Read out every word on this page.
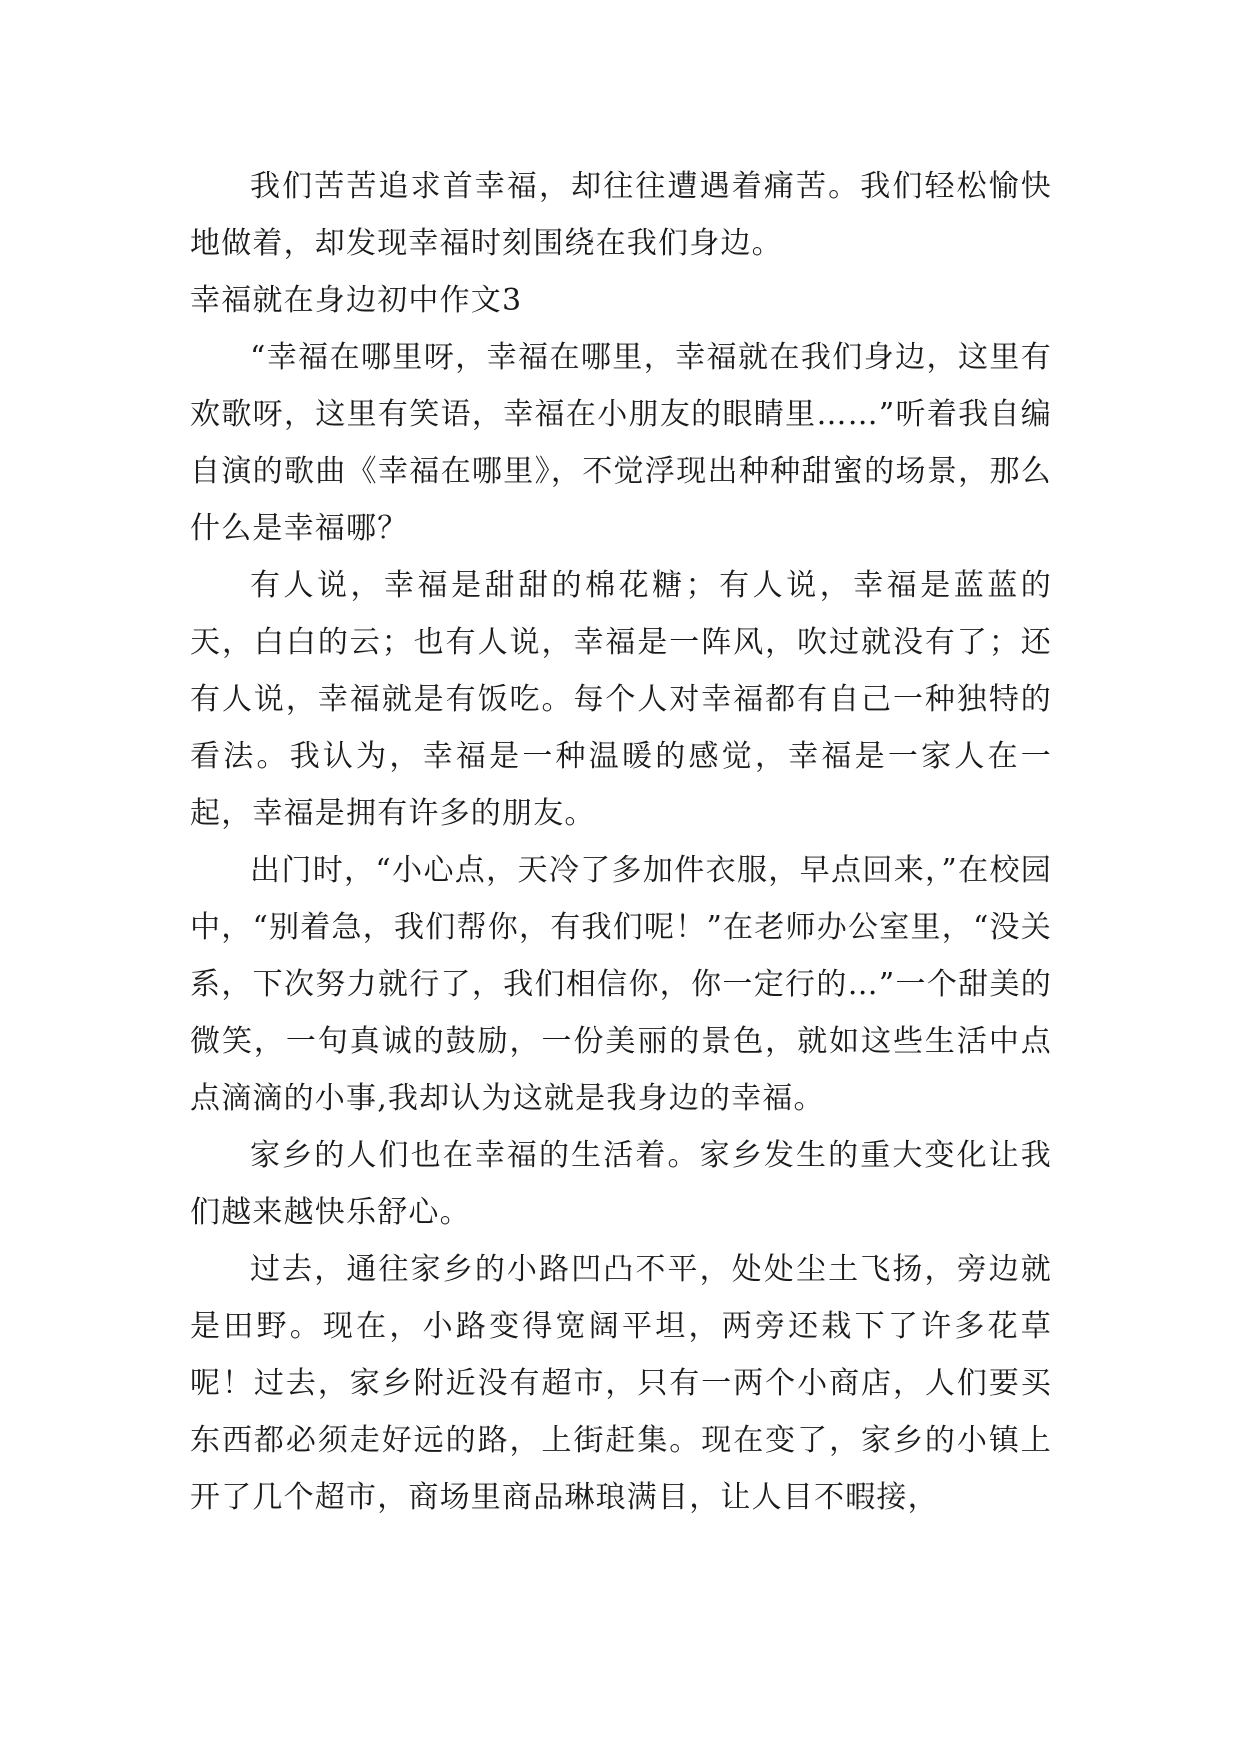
我们苦苦追求首幸福，却往往遭遇着痛苦。我们轻松愉快地做着，却发现幸福时刻围绕在我们身边。

幸福就在身边初中作文3

“幸福在哪里呀，幸福在哪里，幸福就在我们身边，这里有欢歌呀，这里有笑语，幸福在小朋友的眼睛里……”听着我自编自演的歌曲《幸福在哪里》，不觉浮现出种种甜蜜的场景，那么什么是幸福哪？

有人说，幸福是甜甜的棉花糖；有人说，幸福是蓝蓝的天，白白的云；也有人说，幸福是一阵风，吹过就没有了；还有人说，幸福就是有饭吃。每个人对幸福都有自己一种独特的看法。我认为，幸福是一种温暖的感觉，幸福是一家人在一起，幸福是拥有许多的朋友。

出门时，“小心点，天冷了多加件衣服，早点回来，”在校园中，“别着急，我们帮你，有我们呢！”在老师办公室里，“没关系，下次努力就行了，我们相信你，你一定行的…”一个甜美的微笑，一句真诚的鼓励，一份美丽的景色，就如这些生活中点点滴滴的小事,我却认为这就是我身边的幸福。

家乡的人们也在幸福的生活着。家乡发生的重大变化让我们越来越快乐舒心。

过去，通往家乡的小路凹凸不平，处处尘土飞扬，旁边就是田野。现在，小路变得宽阔平坦，两旁还栽下了许多花草呢！过去，家乡附近没有超市，只有一两个小商店，人们要买东西都必须走好远的路，上街赶集。现在变了，家乡的小镇上开了几个超市，商场里商品琳琅满目，让人目不暇接，
